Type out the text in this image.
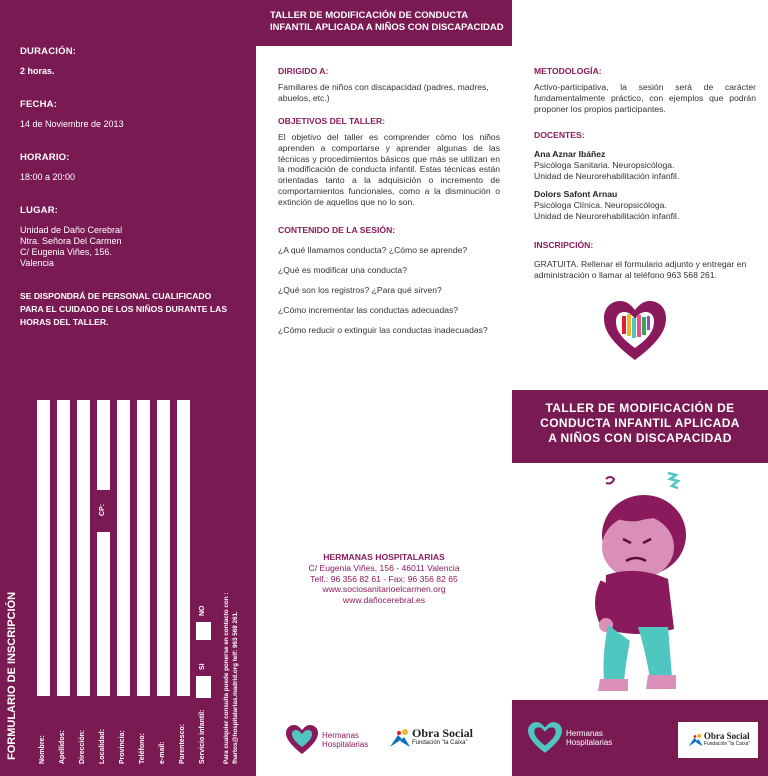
DURACIÓN:
2 horas.
FECHA:
14 de Noviembre de 2013
HORARIO:
18:00 a 20:00
LUGAR:
Unidad de Daño Cerebral
Ntra. Señora Del Carmen
C/ Eugenia Viñes, 156.
Valencia
SE DISPONDRÁ DE PERSONAL CUALIFICADO PARA EL CUIDADO DE LOS NIÑOS DURANTE LAS HORAS DEL TALLER.
CP:
NO
SI
Nombre: Apellidos: Dirección: Localidad: Provincia: Teléfono: e-mail: Parentesco: Servicio infantil:	Para cualquier consulta puede ponerse en contacto con : fhartos@hospitalarias.madrid.org telf: 963 568 261.
FORMULARIO DE INSCRIPCIÓN
TALLER DE MODIFICACIÓN DE CONDUCTA
INFANTIL APLICADA A NIÑOS CON DISCAPACIDAD
DIRIGIDO A:
Familiares de niños con discapacidad (padres, madres, abuelos, etc.)
OBJETIVOS DEL TALLER:
El objetivo del taller es comprender cómo los niños aprenden a comportarse y aprender algunas de las técnicas y procedimientos básicos que más se utilizan en la modificación de conducta infantil. Estas técnicas están orientadas tanto a la adquisición o incremento de comportamientos funcionales, como a la disminución o extinción de aquellos que no lo son.
CONTENIDO DE LA SESIÓN:
¿A qué llamamos conducta? ¿Cómo se aprende?
¿Qué es modificar una conducta?
¿Qué son los registros? ¿Para qué sirven?
¿Cómo incrementar las conductas adecuadas?
¿Cómo reducir o extinguir las conductas inadecuadas?
HERMANAS HOSPITALARIAS
C/ Eugenia Viñes, 156 - 46011 Valencia
Telf.: 96 356 82 61 - Fax: 96 356 82 65
www.sociosanitarioelcarmen.org
www.dañocerebral.es
Hermanas
Hospitalarias
Obra Social
Fundación "la Caixa"
METODOLOGÍA:
Activo-participativa, la sesión será de carácter fundamentalmente práctico, con ejemplos que podrán proponer los propios participantes.
DOCENTES:
Ana Aznar Ibáñez
Psicóloga Sanitaria. Neuropsicóloga.
Unidad de Neurorehabilitación infanfil.
Dolors Safont Arnau
Psicóloga Clínica. Neuropsicóloga.
Unidad de Neurorehabilitación infanfil.
INSCRIPCIÓN:
GRATUITA. Rellenar el formulario adjunto y entregar en administración o llamar al teléfono 963 568 261.
TALLER DE MODIFICACIÓN DE
CONDUCTA INFANTIL APLICADA
A NIÑOS CON DISCAPACIDAD
Hermanas
Hospitalarias
Obra Social
Fundación "la Caixa"
